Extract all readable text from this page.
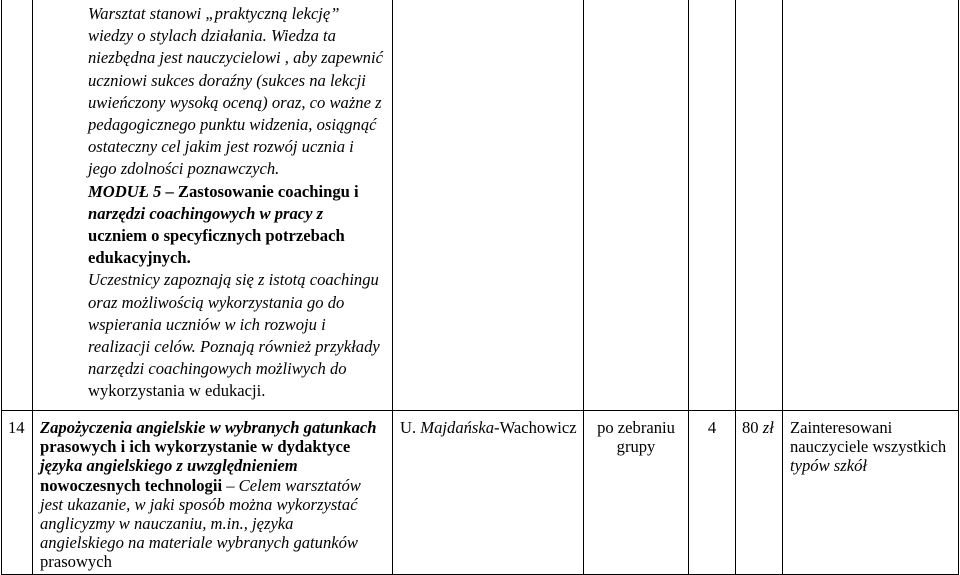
Warsztat stanowi „praktyczną lekcję”
wiedzy o stylach działania. Wiedza ta
niezbędna jest nauczycielowi , aby zapewnić
uczniowi sukces doraźny (sukces na lekcji
uwieńczony wysoką oceną) oraz, co ważne z
pedagogicznego punktu widzenia, osiągnąć
ostateczny cel jakim jest rozwój ucznia i
jego zdolności poznawczych.
MODUŁ 5 – Zastosowanie coachingu i
narzędzi coachingowych w pracy z
uczniem o specyficznych potrzebach
edukacyjnych.
Uczestnicy zapoznają się z istotą coachingu
oraz możliwością wykorzystania go do
wspierania uczniów w ich rozwoju i
realizacji celów. Poznają również przykłady
narzędzi coachingowych możliwych do
wykorzystania w edukacji.
14 Zapożyczenia angielskie w wybranych gatunkach
prasowych i ich wykorzystanie w dydaktyce
języka angielskiego z uwzględnieniem
nowoczesnych technologii – Celem warsztatów
jest ukazanie, w jaki sposób można wykorzystać
anglicyzmy w nauczaniu, m.in., języka
angielskiego na materiale wybranych gatunków
prasowych
U. Majdańska-Wachowicz	po zebraniu
grupy
4	80 zł Zainteresowani
nauczyciele wszystkich
typów szkół
